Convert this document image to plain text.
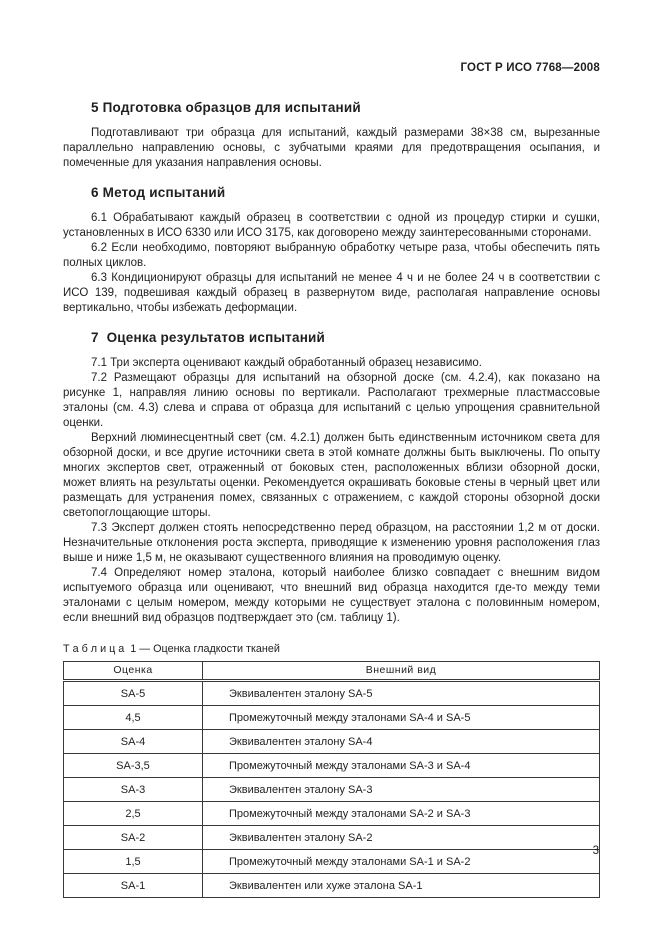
ГОСТ Р ИСО 7768—2008
5 Подготовка образцов для испытаний

Подготавливают три образца для испытаний, каждый размерами 38×38 см, вырезанные параллельно направлению основы, с зубчатыми краями для предотвращения осыпания, и помеченные для указания направления основы.

6 Метод испытаний

6.1 Обрабатывают каждый образец в соответствии с одной из процедур стирки и сушки, установленных в ИСО 6330 или ИСО 3175, как договорено между заинтересованными сторонами.

6.2 Если необходимо, повторяют выбранную обработку четыре раза, чтобы обеспечить пять полных циклов.

6.3 Кондиционируют образцы для испытаний не менее 4 ч и не более 24 ч в соответствии с ИСО 139, подвешивая каждый образец в развернутом виде, располагая направление основы вертикально, чтобы избежать деформации.

7  Оценка результатов испытаний

7.1 Три эксперта оценивают каждый обработанный образец независимо.

7.2 Размещают образцы для испытаний на обзорной доске (см. 4.2.4), как показано на рисунке 1, направляя линию основы по вертикали. Располагают трехмерные пластмассовые эталоны (см. 4.3) слева и справа от образца для испытаний с целью упрощения сравнительной оценки.

Верхний люминесцентный свет (см. 4.2.1) должен быть единственным источником света для обзорной доски, и все другие источники света в этой комнате должны быть выключены. По опыту многих экспертов свет, отраженный от боковых стен, расположенных вблизи обзорной доски, может влиять на результаты оценки. Рекомендуется окрашивать боковые стены в черный цвет или размещать для устранения помех, связанных с отражением, с каждой стороны обзорной доски светопоглощающие шторы.

7.3 Эксперт должен стоять непосредственно перед образцом, на расстоянии 1,2 м от доски. Незначительные отклонения роста эксперта, приводящие к изменению уровня расположения глаз выше и ниже 1,5 м, не оказывают существенного влияния на проводимую оценку.

7.4 Определяют номер эталона, который наиболее близко совпадает с внешним видом испытуемого образца или оценивают, что внешний вид образца находится где-то между теми эталонами с целым номером, между которыми не существует эталона с половинным номером, если внешний вид образцов подтверждает это (см. таблицу 1).

Т а б л и ц а  1 — Оценка гладкости тканей

Оценка	Внешний вид
SA-5	Эквивалентен эталону SA-5
4,5	Промежуточный между эталонами SA-4 и SA-5
SA-4	Эквивалентен эталону SA-4
SA-3,5	Промежуточный между эталонами SA-3 и SA-4
SA-3	Эквивалентен эталону SA-3
2,5	Промежуточный между эталонами SA-2 и SA-3
SA-2	Эквивалентен эталону SA-2
1,5	Промежуточный между эталонами SA-1 и SA-2
SA-1	Эквивалентен или хуже эталона SA-1
3
